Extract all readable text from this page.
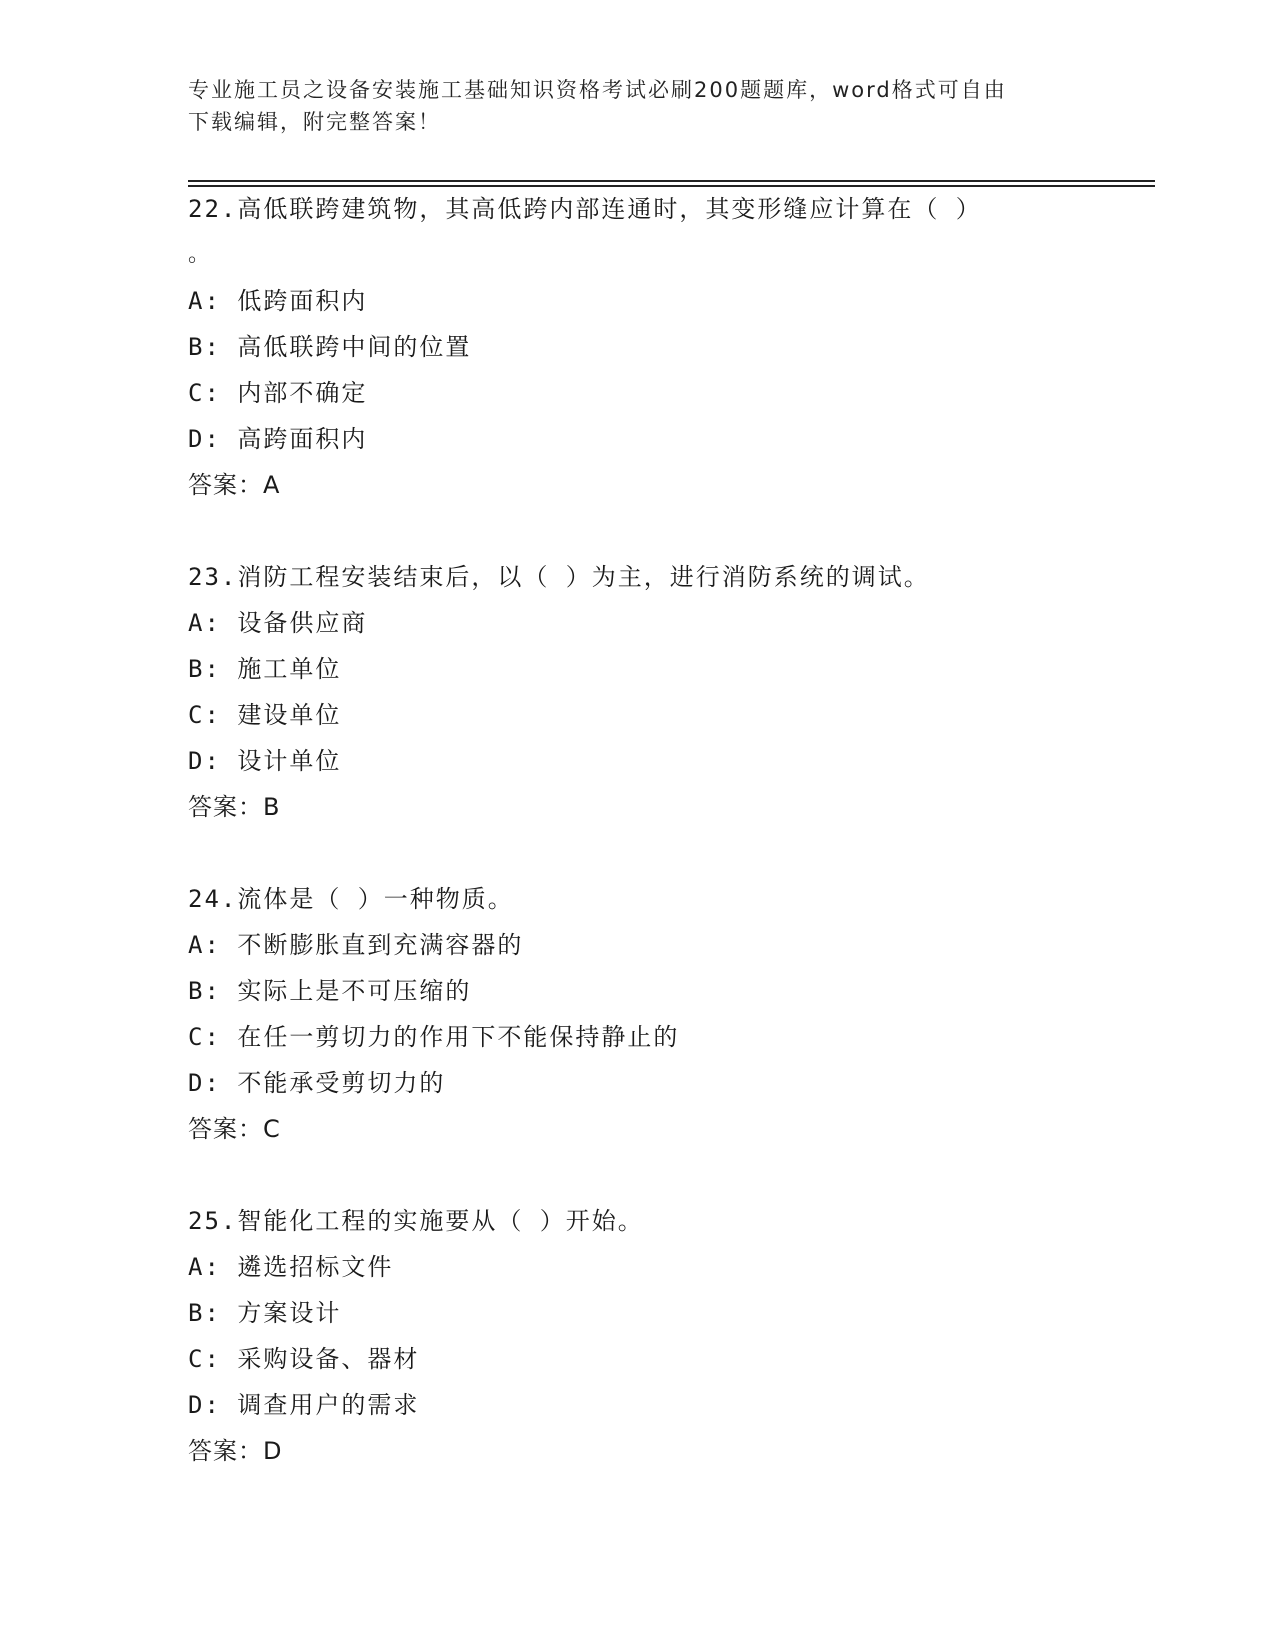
专业施工员之设备安装施工基础知识资格考试必刷200题题库，word格式可自由
下载编辑，附完整答案！
22.高低联跨建筑物，其高低跨内部连通时，其变形缝应计算在（ ）
。
A: 低跨面积内
B: 高低联跨中间的位置
C: 内部不确定
D: 高跨面积内
答案：A
23.消防工程安装结束后，以（ ）为主，进行消防系统的调试。
A: 设备供应商
B: 施工单位
C: 建设单位
D: 设计单位
答案：B
24.流体是（ ）一种物质。
A: 不断膨胀直到充满容器的
B: 实际上是不可压缩的
C: 在任一剪切力的作用下不能保持静止的
D: 不能承受剪切力的
答案：C
25.智能化工程的实施要从（ ）开始。
A: 遴选招标文件
B: 方案设计
C: 采购设备、器材
D: 调查用户的需求
答案：D
